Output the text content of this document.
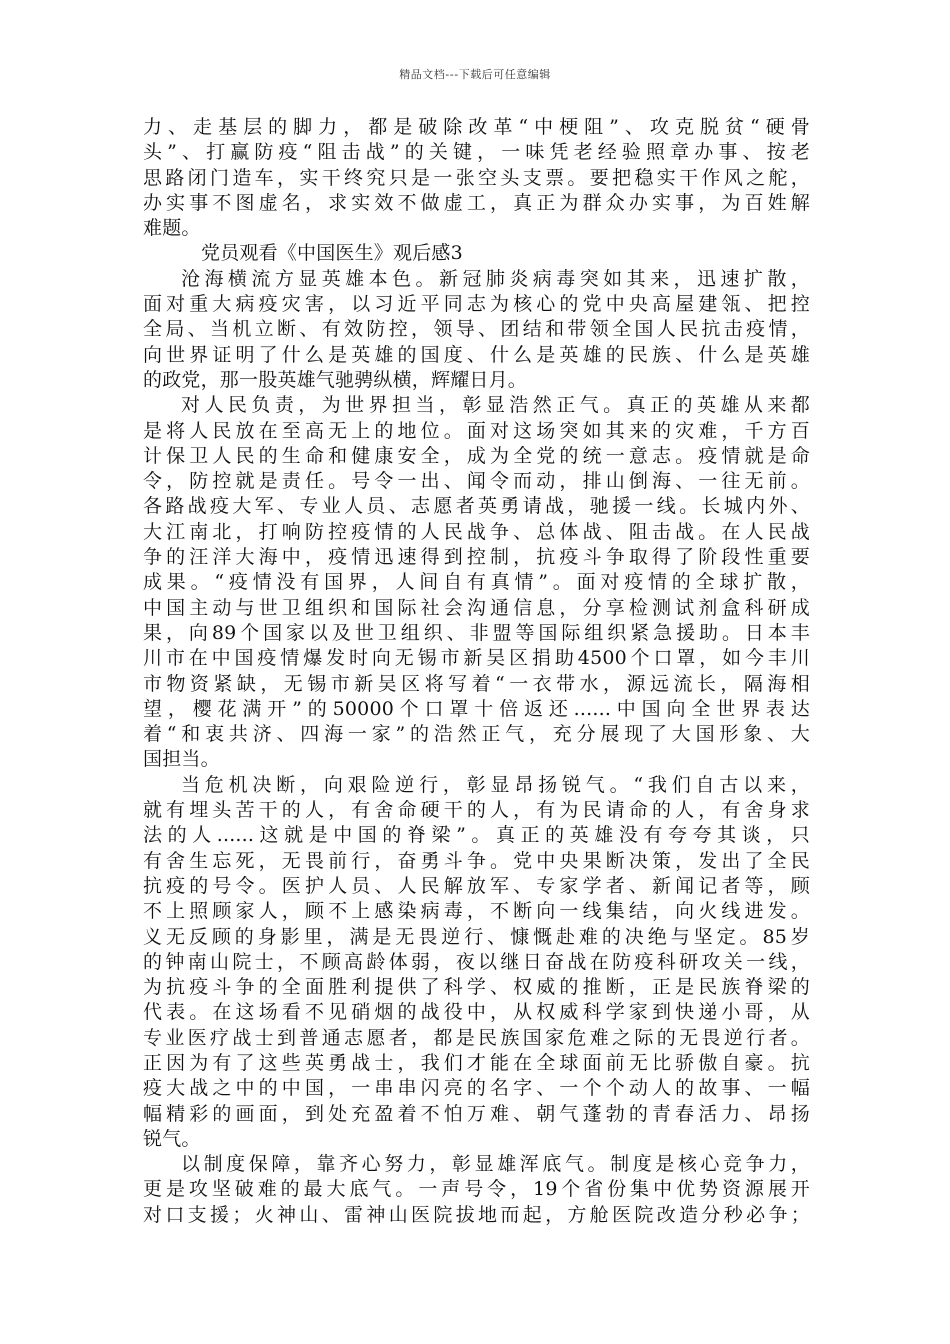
精品文档---下载后可任意编辑
力、走基层的脚力，都是破除改革“中梗阻”、攻克脱贫“硬骨
头”、打赢防疫“阻击战”的关键，一味凭老经验照章办事、按老
思路闭门造车，实干终究只是一张空头支票。要把稳实干作风之舵，
办实事不图虚名，求实效不做虚工，真正为群众办实事，为百姓解
难题。
党员观看《中国医生》观后感3
沧海横流方显英雄本色。新冠肺炎病毒突如其来，迅速扩散，
面对重大病疫灾害，以习近平同志为核心的党中央高屋建瓴、把控
全局、当机立断、有效防控，领导、团结和带领全国人民抗击疫情，
向世界证明了什么是英雄的国度、什么是英雄的民族、什么是英雄
的政党，那一股英雄气驰骋纵横，辉耀日月。
对人民负责，为世界担当，彰显浩然正气。真正的英雄从来都
是将人民放在至高无上的地位。面对这场突如其来的灾难，千方百
计保卫人民的生命和健康安全，成为全党的统一意志。疫情就是命
令，防控就是责任。号令一出、闻令而动，排山倒海、一往无前。
各路战疫大军、专业人员、志愿者英勇请战，驰援一线。长城内外、
大江南北，打响防控疫情的人民战争、总体战、阻击战。在人民战
争的汪洋大海中，疫情迅速得到控制，抗疫斗争取得了阶段性重要
成果。“疫情没有国界，人间自有真情”。面对疫情的全球扩散，
中国主动与世卫组织和国际社会沟通信息，分享检测试剂盒科研成
果，向89个国家以及世卫组织、非盟等国际组织紧急援助。日本丰
川市在中国疫情爆发时向无锡市新吴区捐助4500个口罩，如今丰川
市物资紧缺，无锡市新吴区将写着“一衣带水，源远流长，隔海相
望，樱花满开”的50000个口罩十倍返还......中国向全世界表达
着“和衷共济、四海一家”的浩然正气，充分展现了大国形象、大
国担当。
当危机决断，向艰险逆行，彰显昂扬锐气。“我们自古以来，
就有埋头苦干的人，有舍命硬干的人，有为民请命的人，有舍身求
法的人......这就是中国的脊梁”。真正的英雄没有夸夸其谈，只
有舍生忘死，无畏前行，奋勇斗争。党中央果断决策，发出了全民
抗疫的号令。医护人员、人民解放军、专家学者、新闻记者等，顾
不上照顾家人，顾不上感染病毒，不断向一线集结，向火线进发。
义无反顾的身影里，满是无畏逆行、慷慨赴难的决绝与坚定。85岁
的钟南山院士，不顾高龄体弱，夜以继日奋战在防疫科研攻关一线，
为抗疫斗争的全面胜利提供了科学、权威的推断，正是民族脊梁的
代表。在这场看不见硝烟的战役中，从权威科学家到快递小哥，从
专业医疗战士到普通志愿者，都是民族国家危难之际的无畏逆行者。
正因为有了这些英勇战士，我们才能在全球面前无比骄傲自豪。抗
疫大战之中的中国，一串串闪亮的名字、一个个动人的故事、一幅
幅精彩的画面，到处充盈着不怕万难、朝气蓬勃的青春活力、昂扬
锐气。
以制度保障，靠齐心努力，彰显雄浑底气。制度是核心竞争力，
更是攻坚破难的最大底气。一声号令，19个省份集中优势资源展开
对口支援；火神山、雷神山医院拔地而起，方舱医院改造分秒必争；
